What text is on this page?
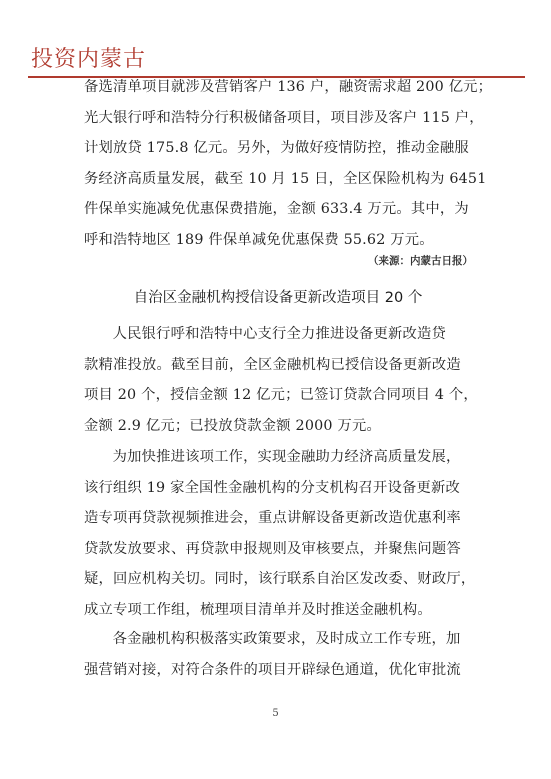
投资内蒙古
备选清单项目就涉及营销客户 136 户，融资需求超 200 亿元；
光大银行呼和浩特分行积极储备项目，项目涉及客户 115 户，
计划放贷 175.8 亿元。另外，为做好疫情防控，推动金融服
务经济高质量发展，截至 10 月 15 日，全区保险机构为 6451
件保单实施减免优惠保费措施，金额 633.4 万元。其中，为
呼和浩特地区 189 件保单减免优惠保费 55.62 万元。
（来源：内蒙古日报）
自治区金融机构授信设备更新改造项目 20 个
人民银行呼和浩特中心支行全力推进设备更新改造贷
款精准投放。截至目前，全区金融机构已授信设备更新改造
项目 20 个，授信金额 12 亿元；已签订贷款合同项目 4 个，
金额 2.9 亿元；已投放贷款金额 2000 万元。
为加快推进该项工作，实现金融助力经济高质量发展，
该行组织 19 家全国性金融机构的分支机构召开设备更新改
造专项再贷款视频推进会，重点讲解设备更新改造优惠利率
贷款发放要求、再贷款申报规则及审核要点，并聚焦问题答
疑，回应机构关切。同时，该行联系自治区发改委、财政厅，
成立专项工作组，梳理项目清单并及时推送金融机构。
各金融机构积极落实政策要求，及时成立工作专班，加
强营销对接，对符合条件的项目开辟绿色通道，优化审批流
5
